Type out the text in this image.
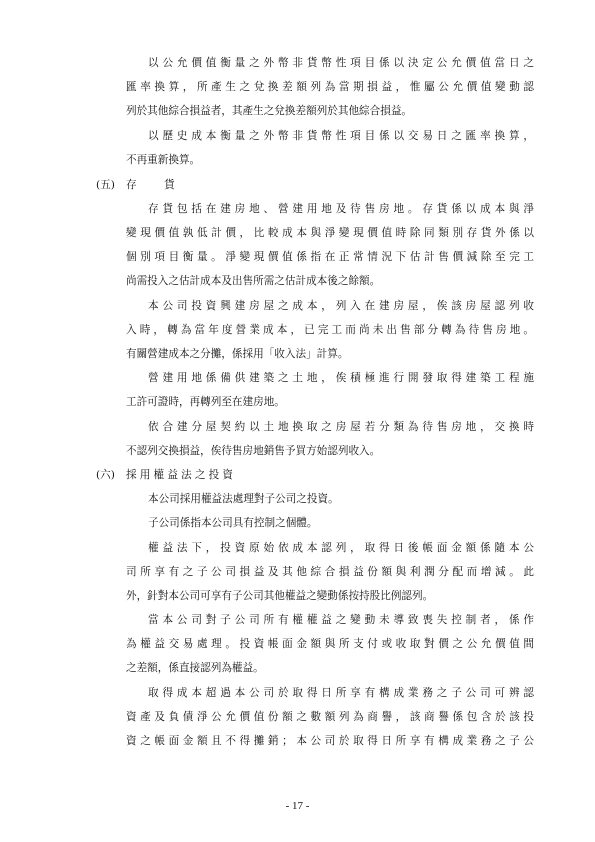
以公允價值衡量之外幣非貨幣性項目係以決定公允價值當日之
匯率換算，所產生之兌換差額列為當期損益，惟屬公允價值變動認
列於其他綜合損益者，其產生之兌換差額列於其他綜合損益。
以歷史成本衡量之外幣非貨幣性項目係以交易日之匯率換算，
不再重新換算。
(五) 存貨
存貨包括在建房地、營建用地及待售房地。存貨係以成本與淨
變現價值孰低計價，比較成本與淨變現價值時除同類別存貨外係以
個別項目衡量。淨變現價值係指在正常情況下估計售價減除至完工
尚需投入之估計成本及出售所需之估計成本後之餘額。
本公司投資興建房屋之成本，列入在建房屋，俟該房屋認列收
入時，轉為當年度營業成本，已完工而尚未出售部分轉為待售房地。
有關營建成本之分攤，係採用「收入法」計算。
營建用地係備供建築之土地，俟積極進行開發取得建築工程施
工許可證時，再轉列至在建房地。
依合建分屋契約以土地換取之房屋若分類為待售房地，交換時
不認列交換損益，俟待售房地銷售予買方始認列收入。
(六) 採用權益法之投資
本公司採用權益法處理對子公司之投資。
子公司係指本公司具有控制之個體。
權益法下，投資原始依成本認列，取得日後帳面金額係隨本公
司所享有之子公司損益及其他綜合損益份額與利潤分配而增減。此
外，針對本公司可享有子公司其他權益之變動係按持股比例認列。
當本公司對子公司所有權權益之變動未導致喪失控制者，係作
為權益交易處理。投資帳面金額與所支付或收取對價之公允價值間
之差額，係直接認列為權益。
取得成本超過本公司於取得日所享有構成業務之子公司可辨認
資產及負債淨公允價值份額之數額列為商譽，該商譽係包含於該投
資之帳面金額且不得攤銷；本公司於取得日所享有構成業務之子公
- 17 -
